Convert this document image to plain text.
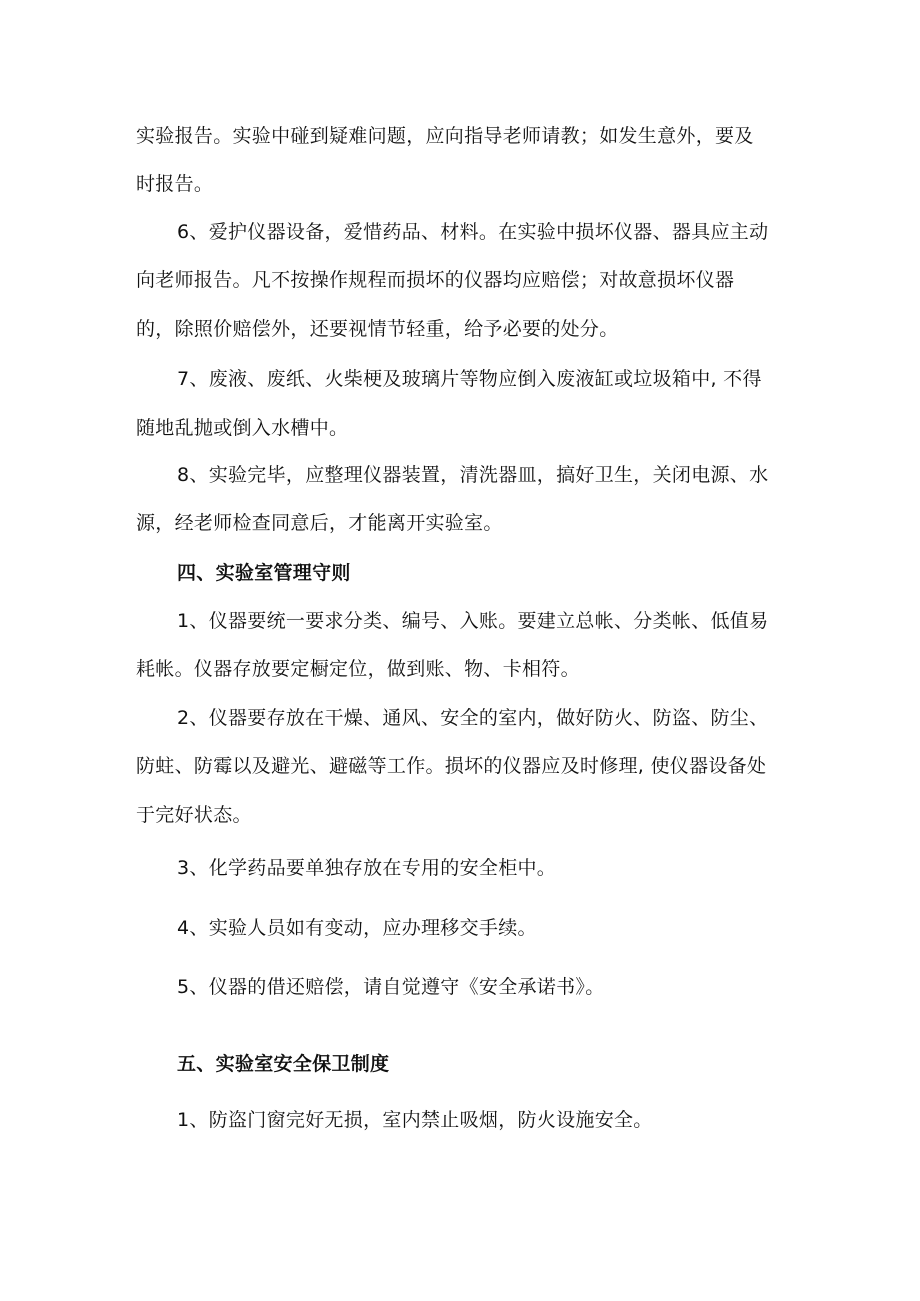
实验报告。实验中碰到疑难问题，应向指导老师请教；如发生意外，要及
时报告。
6、爱护仪器设备，爱惜药品、材料。在实验中损坏仪器、器具应主动
向老师报告。凡不按操作规程而损坏的仪器均应赔偿；对故意损坏仪器
的，除照价赔偿外，还要视情节轻重，给予必要的处分。
7、废液、废纸、火柴梗及玻璃片等物应倒入废液缸或垃圾箱中, 不得
随地乱抛或倒入水槽中。
8、实验完毕，应整理仪器装置，清洗器皿，搞好卫生，关闭电源、水
源，经老师检查同意后，才能离开实验室。
四、实验室管理守则
1、仪器要统一要求分类、编号、入账。要建立总帐、分类帐、低值易
耗帐。仪器存放要定橱定位，做到账、物、卡相符。
2、仪器要存放在干燥、通风、安全的室内，做好防火、防盗、防尘、
防蛀、防霉以及避光、避磁等工作。损坏的仪器应及时修理, 使仪器设备处
于完好状态。
3、化学药品要单独存放在专用的安全柜中。
4、实验人员如有变动，应办理移交手续。
5、仪器的借还赔偿，请自觉遵守《安全承诺书》。
五、实验室安全保卫制度
1、防盗门窗完好无损，室内禁止吸烟，防火设施安全。
